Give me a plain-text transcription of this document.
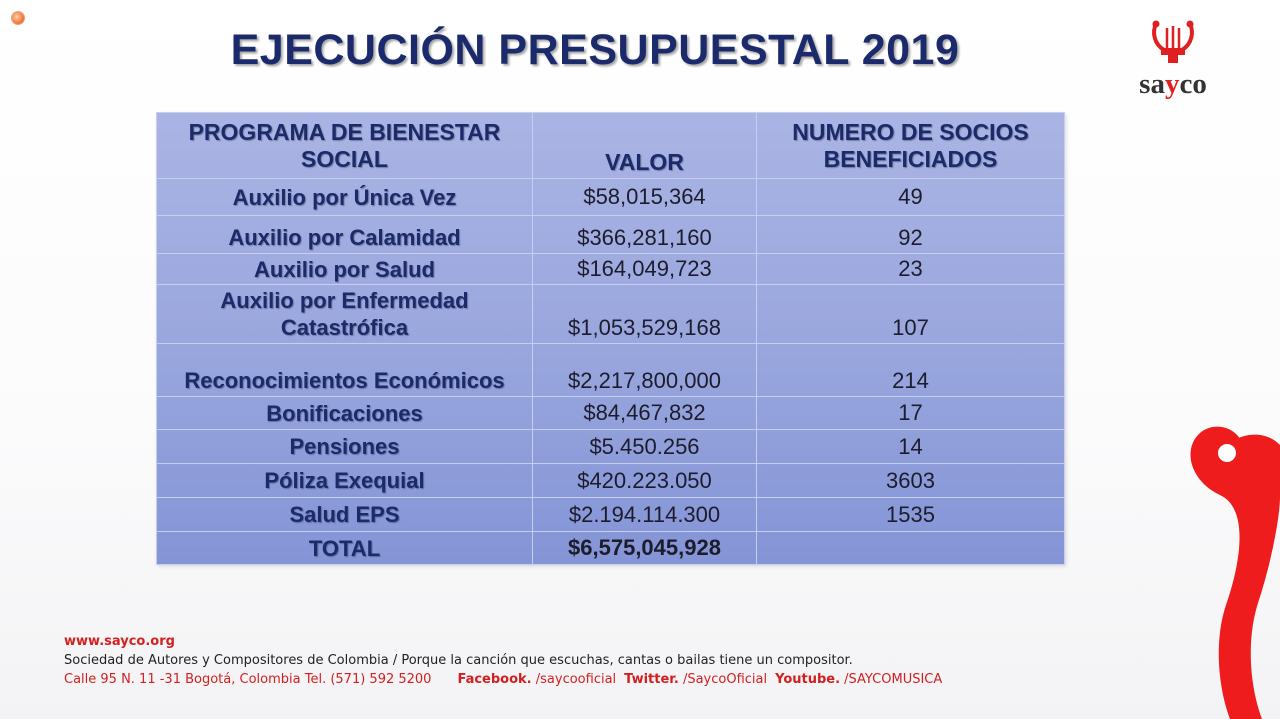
EJECUCIÓN PRESUPUESTAL 2019
sayco
PROGRAMA DE BIENESTAR SOCIAL	VALOR	NUMERO DE SOCIOS BENEFICIADOS
Auxilio por Única Vez	$58,015,364	49
Auxilio por Calamidad	$366,281,160	92
Auxilio por Salud	$164,049,723	23
Auxilio por Enfermedad Catastrófica	$1,053,529,168	107
Reconocimientos Económicos	$2,217,800,000	214
Bonificaciones	$84,467,832	17
Pensiones	$5.450.256	14
Póliza Exequial	$420.223.050	3603
Salud EPS	$2.194.114.300	1535
TOTAL	$6,575,045,928	
www.sayco.org
Sociedad de Autores y Compositores de Colombia / Porque la canción que escuchas, cantas o bailas tiene un compositor.
Calle 95 N. 11 -31 Bogotá, Colombia Tel. (571) 592 5200 Facebook. /saycooficial Twitter. /SaycoOficial Youtube. /SAYCOMUSICA
